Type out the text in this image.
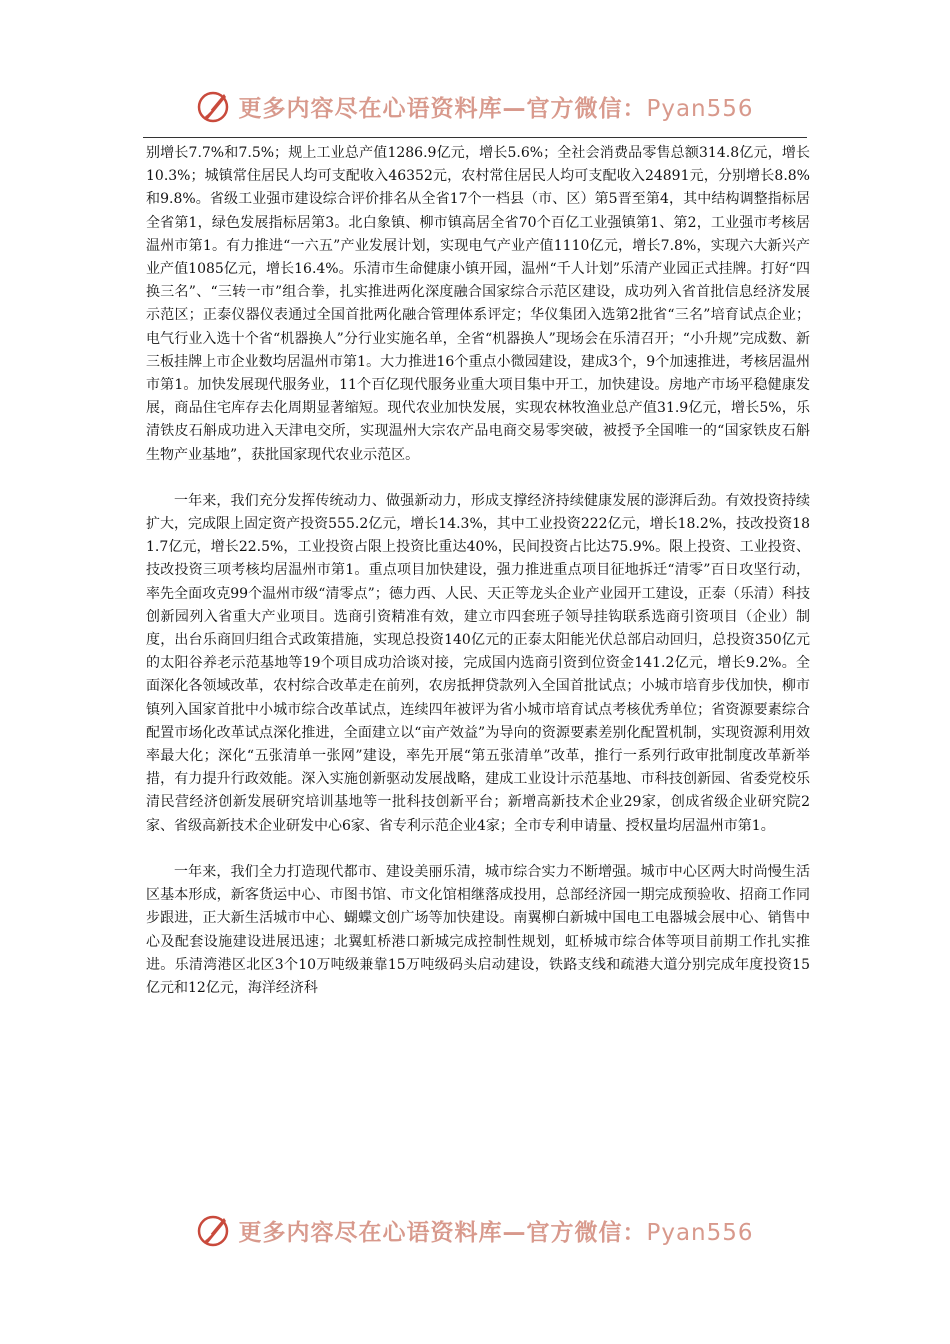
更多内容尽在心语资料库—官方微信：Pyan556

别增长7.7%和7.5%；规上工业总产值1286.9亿元，增长5.6%；全社会消费品零售总额314.8亿元，增长10.3%；城镇常住居民人均可支配收入46352元，农村常住居民人均可支配收入24891元，分别增长8.8%和9.8%。省级工业强市建设综合评价排名从全省17个一档县（市、区）第5晋至第4，其中结构调整指标居全省第1，绿色发展指标居第3。北白象镇、柳市镇高居全省70个百亿工业强镇第1、第2，工业强市考核居温州市第1。有力推进“一六五”产业发展计划，实现电气产业产值1110亿元，增长7.8%，实现六大新兴产业产值1085亿元，增长16.4%。乐清市生命健康小镇开园，温州“千人计划”乐清产业园正式挂牌。打好“四换三名”、“三转一市”组合拳，扎实推进两化深度融合国家综合示范区建设，成功列入省首批信息经济发展示范区；正泰仪器仪表通过全国首批两化融合管理体系评定；华仪集团入选第2批省“三名”培育试点企业；电气行业入选十个省“机器换人”分行业实施名单，全省“机器换人”现场会在乐清召开；“小升规”完成数、新三板挂牌上市企业数均居温州市第1。大力推进16个重点小微园建设，建成3个，9个加速推进，考核居温州市第1。加快发展现代服务业，11个百亿现代服务业重大项目集中开工，加快建设。房地产市场平稳健康发展，商品住宅库存去化周期显著缩短。现代农业加快发展，实现农林牧渔业总产值31.9亿元，增长5%，乐清铁皮石斛成功进入天津电交所，实现温州大宗农产品电商交易零突破，被授予全国唯一的“国家铁皮石斛生物产业基地”，获批国家现代农业示范区。

一年来，我们充分发挥传统动力、做强新动力，形成支撑经济持续健康发展的澎湃后劲。有效投资持续扩大，完成限上固定资产投资555.2亿元，增长14.3%，其中工业投资222亿元，增长18.2%，技改投资181.7亿元，增长22.5%，工业投资占限上投资比重达40%，民间投资占比达75.9%。限上投资、工业投资、技改投资三项考核均居温州市第1。重点项目加快建设，强力推进重点项目征地拆迁“清零”百日攻坚行动，率先全面攻克99个温州市级“清零点”；德力西、人民、天正等龙头企业产业园开工建设，正泰（乐清）科技创新园列入省重大产业项目。选商引资精准有效，建立市四套班子领导挂钩联系选商引资项目（企业）制度，出台乐商回归组合式政策措施，实现总投资140亿元的正泰太阳能光伏总部启动回归，总投资350亿元的太阳谷养老示范基地等19个项目成功洽谈对接，完成国内选商引资到位资金141.2亿元，增长9.2%。全面深化各领域改革，农村综合改革走在前列，农房抵押贷款列入全国首批试点；小城市培育步伐加快，柳市镇列入国家首批中小城市综合改革试点，连续四年被评为省小城市培育试点考核优秀单位；省资源要素综合配置市场化改革试点深化推进，全面建立以“亩产效益”为导向的资源要素差别化配置机制，实现资源利用效率最大化；深化“五张清单一张网”建设，率先开展“第五张清单”改革，推行一系列行政审批制度改革新举措，有力提升行政效能。深入实施创新驱动发展战略，建成工业设计示范基地、市科技创新园、省委党校乐清民营经济创新发展研究培训基地等一批科技创新平台；新增高新技术企业29家，创成省级企业研究院2家、省级高新技术企业研发中心6家、省专利示范企业4家；全市专利申请量、授权量均居温州市第1。

一年来，我们全力打造现代都市、建设美丽乐清，城市综合实力不断增强。城市中心区两大时尚慢生活区基本形成，新客货运中心、市图书馆、市文化馆相继落成投用，总部经济园一期完成预验收、招商工作同步跟进，正大新生活城市中心、蝴蝶文创广场等加快建设。南翼柳白新城中国电工电器城会展中心、销售中心及配套设施建设进展迅速；北翼虹桥港口新城完成控制性规划，虹桥城市综合体等项目前期工作扎实推进。乐清湾港区北区3个10万吨级兼靠15万吨级码头启动建设，铁路支线和疏港大道分别完成年度投资15亿元和12亿元，海洋经济科

更多内容尽在心语资料库—官方微信：Pyan556
